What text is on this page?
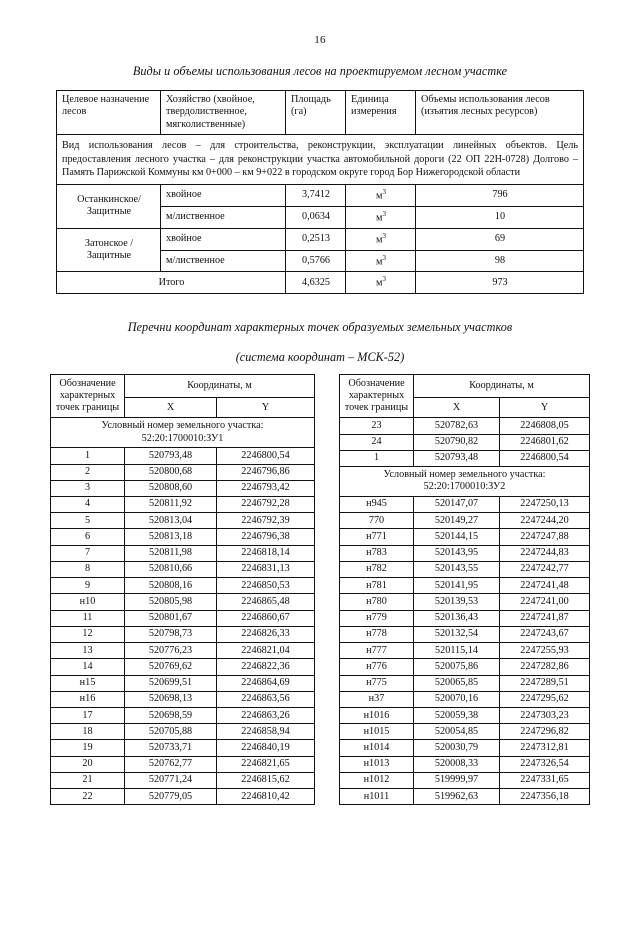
16
Виды и объемы использования лесов на проектируемом лесном участке
Целевое назначение лесов	Хозяйство (хвойное, твердолиственное, мягколиственные)	Площадь (га)	Единица измерения	Объемы использования лесов (изъятия лесных ресурсов)
Вид использования лесов – для строительства, реконструкции, эксплуатации линейных объектов. Цель предоставления лесного участка – для реконструкции участка автомобильной дороги (22 ОП 22Н-0728) Долгово – Память Парижской Коммуны км 0+000 – км 9+022 в городском округе город Бор Нижегородской области				
Останкинское/ Защитные	хвойное	3,7412	$м^3$	796
	м/лиственное	0,0634	$м^3$	10
Затонское / Защитные	хвойное	0,2513	$м^3$	69
	м/лиственное	0,5766	$м^3$	98
Итого		4,6325	$м^3$	973
Перечни координат характерных точек образуемых земельных участков
(система координат – МСК-52)
Обозначение характерных точек границы	Координаты, м	
	X	Y
Условный номер земельного участка:
52:20:1700010:ЗУ1		
1	520793,48	2246800,54
2	520800,68	2246796,86
3	520808,60	2246793,42
4	520811,92	2246792,28
5	520813,04	2246792,39
6	520813,18	2246796,38
7	520811,98	2246818,14
8	520810,66	2246831,13
9	520808,16	2246850,53
н10	520805,98	2246865,48
11	520801,67	2246860,67
12	520798,73	2246826,33
13	520776,23	2246821,04
14	520769,62	2246822,36
н15	520699,51	2246864,69
н16	520698,13	2246863,56
17	520698,59	2246863,26
18	520705,88	2246858,94
19	520733,71	2246840,19
20	520762,77	2246821,65
21	520771,24	2246815,62
22	520779,05	2246810,42
Обозначение характерных точек границы	Координаты, м	
	X	Y
23	520782,63	2246808,05
24	520790,82	2246801,62
1	520793,48	2246800,54
Условный номер земельного участка:
52:20:1700010:ЗУ2		
н945	520147,07	2247250,13
770	520149,27	2247244,20
н771	520144,15	2247247,88
н783	520143,95	2247244,83
н782	520143,55	2247242,77
н781	520141,95	2247241,48
н780	520139,53	2247241,00
н779	520136,43	2247241,87
н778	520132,54	2247243,67
н777	520115,14	2247255,93
н776	520075,86	2247282,86
н775	520065,85	2247289,51
н37	520070,16	2247295,62
н1016	520059,38	2247303,23
н1015	520054,85	2247296,82
н1014	520030,79	2247312,81
н1013	520008,33	2247326,54
н1012	519999,97	2247331,65
н1011	519962,63	2247356,18
